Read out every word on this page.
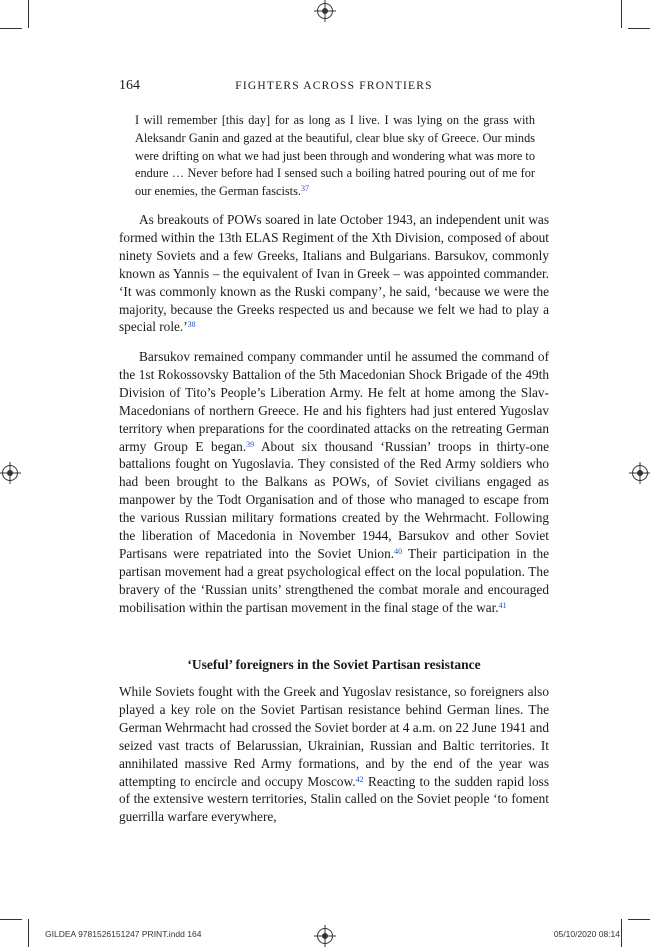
164	FIGHTERS ACROSS FRONTIERS
I will remember [this day] for as long as I live. I was lying on the grass with Aleksandr Ganin and gazed at the beautiful, clear blue sky of Greece. Our minds were drifting on what we had just been through and wondering what was more to endure … Never before had I sensed such a boiling hatred pouring out of me for our enemies, the German fascists.$^{37}$

As breakouts of POWs soared in late October 1943, an independent unit was formed within the 13th ELAS Regiment of the Xth Division, composed of about ninety Soviets and a few Greeks, Italians and Bulgarians. Barsukov, commonly known as Yannis – the equivalent of Ivan in Greek – was appointed commander. ‘It was commonly known as the Ruski company’, he said, ‘because we were the majority, because the Greeks respected us and because we felt we had to play a special role.’$^{38}$

Barsukov remained company commander until he assumed the command of the 1st Rokossovsky Battalion of the 5th Macedonian Shock Brigade of the 49th Division of Tito’s People’s Liberation Army. He felt at home among the Slav-Macedonians of northern Greece. He and his fighters had just entered Yugoslav territory when preparations for the coordinated attacks on the retreating German army Group E began.$^{39}$ About six thousand ‘Russian’ troops in thirty-one battalions fought on Yugoslavia. They consisted of the Red Army soldiers who had been brought to the Balkans as POWs, of Soviet civilians engaged as manpower by the Todt Organisation and of those who managed to escape from the various Russian military formations created by the Wehrmacht. Following the liberation of Macedonia in November 1944, Barsukov and other Soviet Partisans were repatriated into the Soviet Union.$^{40}$ Their participation in the partisan movement had a great psychological effect on the local population. The bravery of the ‘Russian units’ strengthened the combat morale and encouraged mobilisation within the partisan movement in the final stage of the war.$^{41}$

‘Useful’ foreigners in the Soviet Partisan resistance

While Soviets fought with the Greek and Yugoslav resistance, so foreigners also played a key role on the Soviet Partisan resistance behind German lines. The German Wehrmacht had crossed the Soviet border at 4 a.m. on 22 June 1941 and seized vast tracts of Belarussian, Ukrainian, Russian and Baltic territories. It annihilated massive Red Army formations, and by the end of the year was attempting to encircle and occupy Moscow.$^{42}$ Reacting to the sudden rapid loss of the extensive western territories, Stalin called on the Soviet people ‘to foment guerrilla warfare everywhere,

GILDEA 9781526151247 PRINT.indd 164	05/10/2020 08:14
